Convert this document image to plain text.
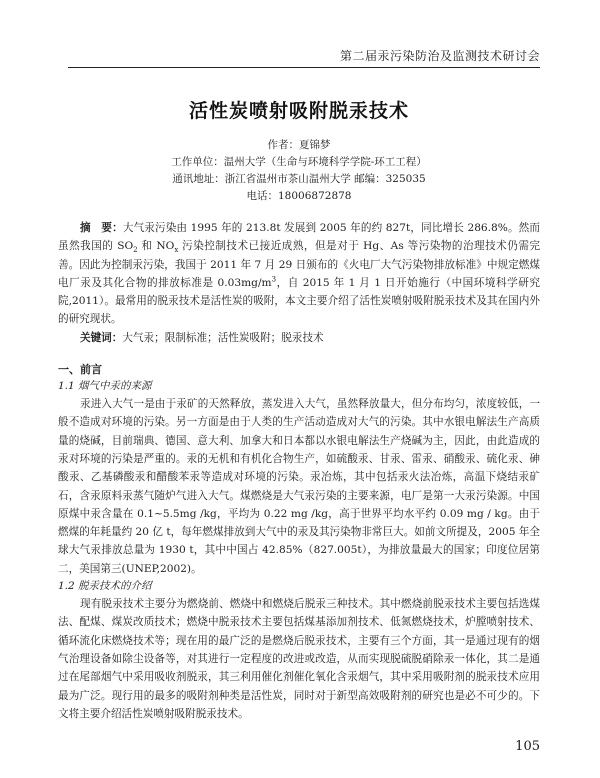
第二届汞污染防治及监测技术研讨会
活性炭喷射吸附脱汞技术
作者：夏锦梦
工作单位：温州大学（生命与环境科学学院-环工工程）
通讯地址：浙江省温州市茶山温州大学 邮编：325035
电话：18006872878

摘　要：大气汞污染由 1995 年的 213.8t 发展到 2005 年的约 827t，同比增长 286.8%。然而虽然我国的 $SO_2$ 和 $NO_x$ 污染控制技术已接近成熟，但是对于 Hg、As 等污染物的治理技术仍需完善。因此为控制汞污染，我国于 2011 年 7 月 29 日颁布的《火电厂大气污染物排放标准》中规定燃煤电厂汞及其化合物的排放标准是 $0.03mg/m^3$，自 2015 年 1 月 1 日开始施行（中国环境科学研究院,2011）。最常用的脱汞技术是活性炭的吸附，本文主要介绍了活性炭喷射吸附脱汞技术及其在国内外的研究现状。

关键词：大气汞；限制标准；活性炭吸附；脱汞技术

一、前言
1.1 烟气中汞的来源

汞进入大气一是由于汞矿的天然释放，蒸发进入大气，虽然释放量大，但分布均匀，浓度较低，一般不造成对环境的污染。另一方面是由于人类的生产活动造成对大气的污染。其中水银电解法生产高质量的烧碱，目前瑞典、德国、意大利、加拿大和日本都以水银电解法生产烧碱为主，因此，由此造成的汞对环境的污染是严重的。汞的无机和有机化合物生产，如硫酸汞、甘汞、雷汞、硝酸汞、硫化汞、砷酸汞、乙基磷酸汞和醋酸苯汞等造成对环境的污染。汞冶炼，其中包括汞火法冶炼，高温下烧结汞矿石，含汞原料汞蒸气随炉气进入大气。煤燃烧是大气汞污染的主要来源，电厂是第一大汞污染源。中国原煤中汞含量在 0.1~5.5mg /kg，平均为 0.22 mg /kg，高于世界平均水平约 0.09 mg / kg。由于燃煤的年耗量约 20 亿 t，每年燃煤排放到大气中的汞及其污染物非常巨大。如前文所提及，2005 年全球大气汞排放总量为 1930 t，其中中国占 42.85%（827.005t），为排放量最大的国家；印度位居第二，美国第三(UNEP,2002)。

1.2 脱汞技术的介绍

现有脱汞技术主要分为燃烧前、燃烧中和燃烧后脱汞三种技术。其中燃烧前脱汞技术主要包括选煤法、配煤、煤炭改质技术；燃烧中脱汞技术主要包括煤基添加剂技术、低氮燃烧技术，炉膛喷射技术、循环流化床燃烧技术等；现在用的最广泛的是燃烧后脱汞技术，主要有三个方面，其一是通过现有的烟气治理设备如除尘设备等，对其进行一定程度的改进或改造，从而实现脱硫脱硝除汞一体化，其二是通过在尾部烟气中采用吸收剂脱汞，其三利用催化剂催化氧化含汞烟气，其中采用吸附剂的脱汞技术应用最为广泛。现行用的最多的吸附剂种类是活性炭，同时对于新型高效吸附剂的研究也是必不可少的。下文将主要介绍活性炭喷射吸附脱汞技术。

105
